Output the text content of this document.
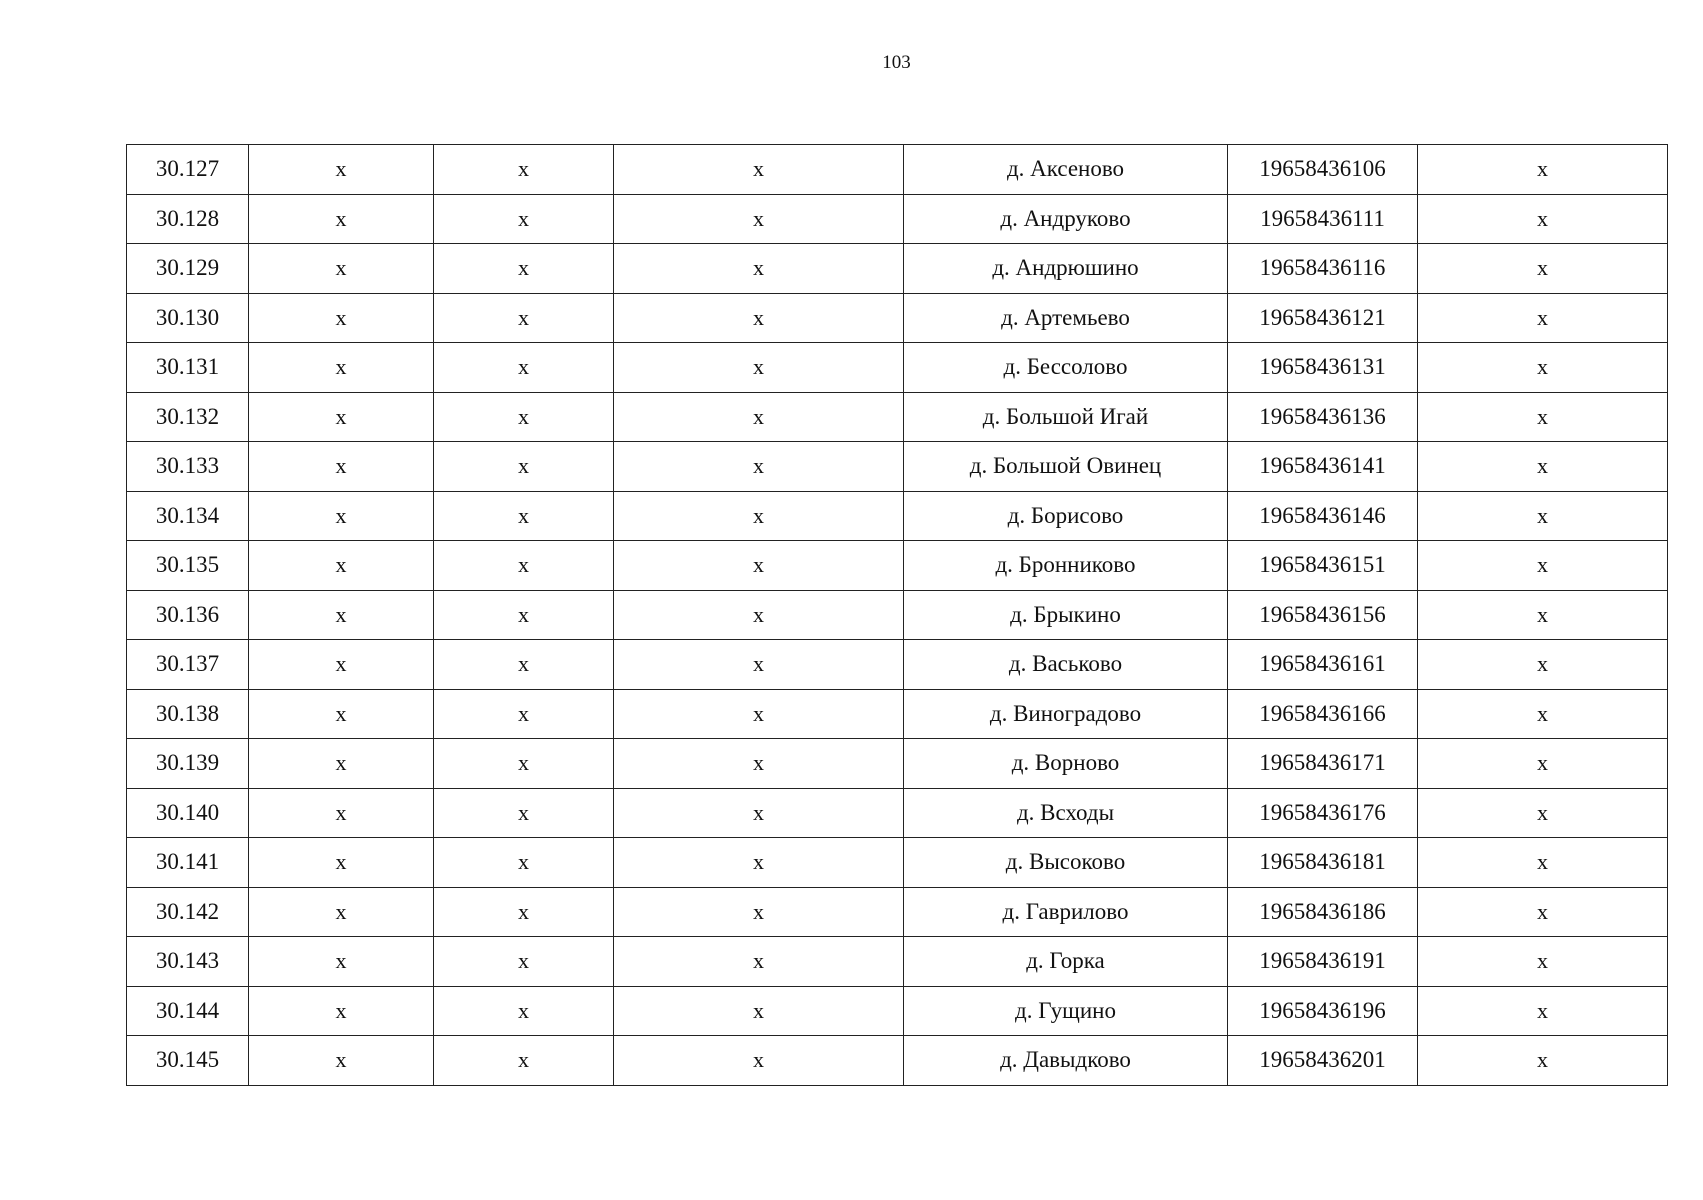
103
30.127	x	x	x	д. Аксеново	19658436106	x
30.128	x	x	x	д. Андруково	19658436111	x
30.129	x	x	x	д. Андрюшино	19658436116	x
30.130	x	x	x	д. Артемьево	19658436121	x
30.131	x	x	x	д. Бессолово	19658436131	x
30.132	x	x	x	д. Большой Игай	19658436136	x
30.133	x	x	x	д. Большой Овинец	19658436141	x
30.134	x	x	x	д. Борисово	19658436146	x
30.135	x	x	x	д. Бронниково	19658436151	x
30.136	x	x	x	д. Брыкино	19658436156	x
30.137	x	x	x	д. Васьково	19658436161	x
30.138	x	x	x	д. Виноградово	19658436166	x
30.139	x	x	x	д. Ворново	19658436171	x
30.140	x	x	x	д. Всходы	19658436176	x
30.141	x	x	x	д. Высоково	19658436181	x
30.142	x	x	x	д. Гаврилово	19658436186	x
30.143	x	x	x	д. Горка	19658436191	x
30.144	x	x	x	д. Гущино	19658436196	x
30.145	x	x	x	д. Давыдково	19658436201	x
